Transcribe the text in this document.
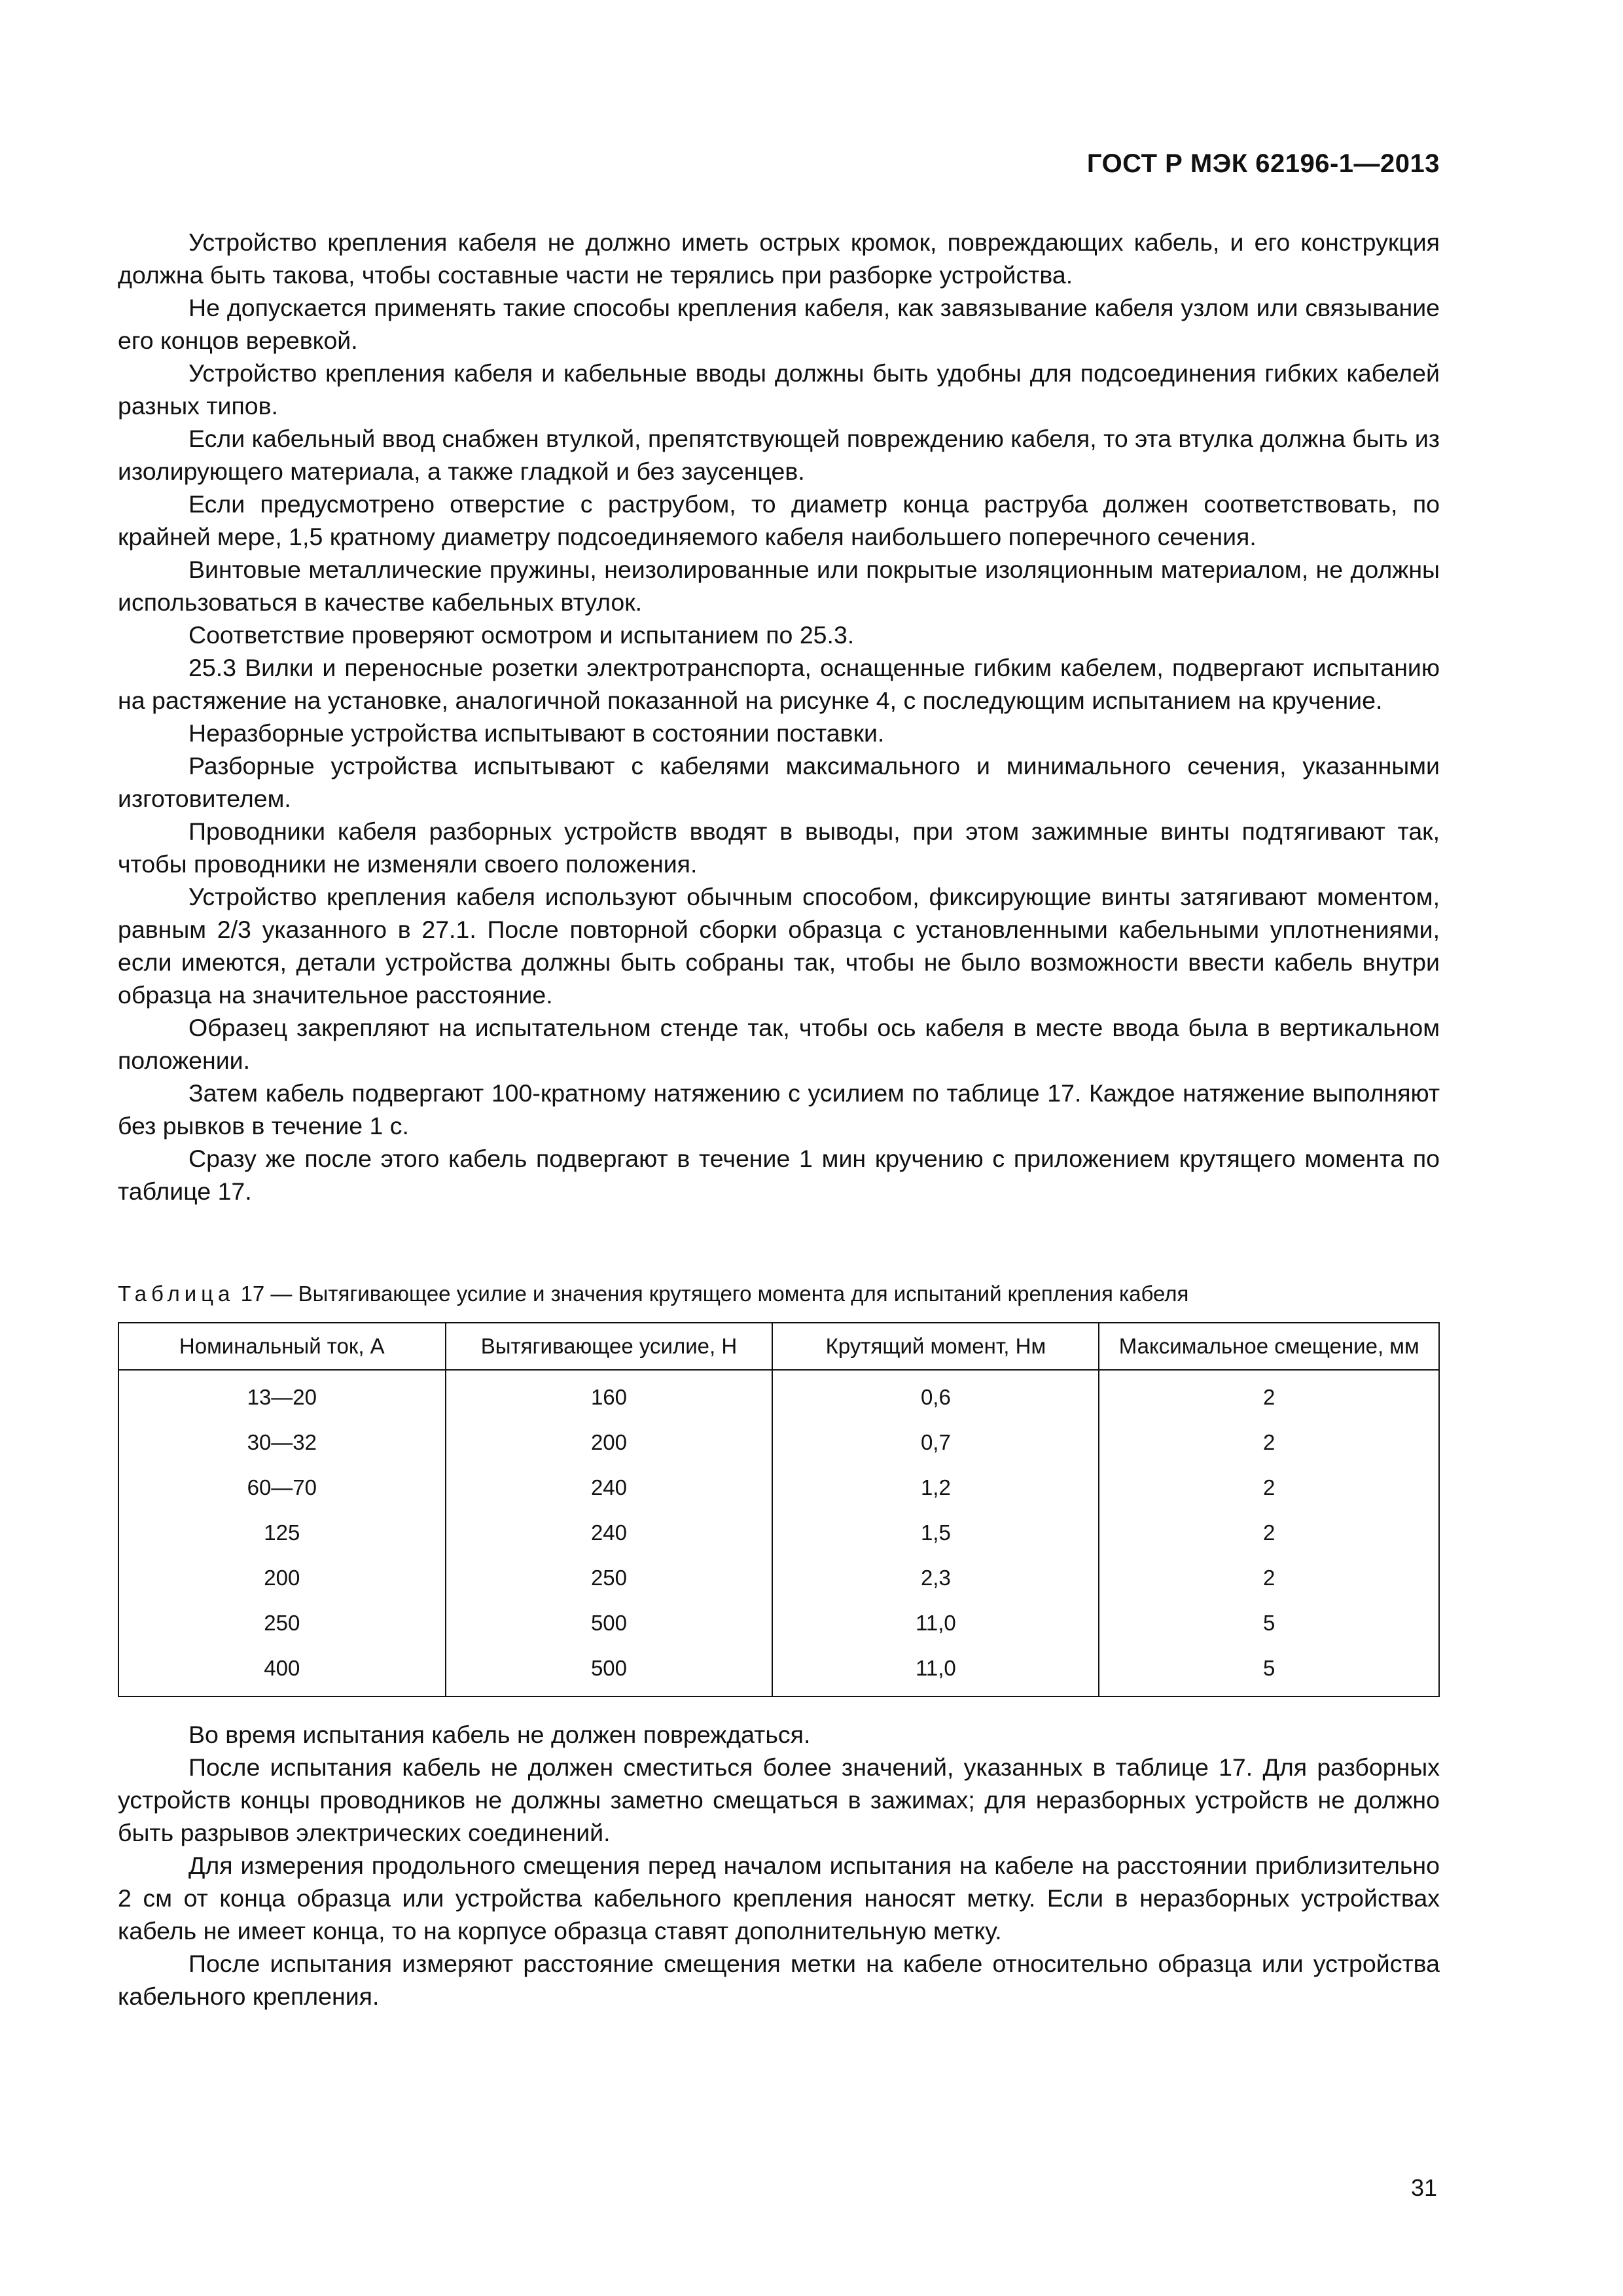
ГОСТ Р МЭК 62196-1—2013

Устройство крепления кабеля не должно иметь острых кромок, повреждающих кабель, и его конструкция должна быть такова, чтобы составные части не терялись при разборке устройства.

Не допускается применять такие способы крепления кабеля, как завязывание кабеля узлом или связывание его концов веревкой.

Устройство крепления кабеля и кабельные вводы должны быть удобны для подсоединения гибких кабелей разных типов.

Если кабельный ввод снабжен втулкой, препятствующей повреждению кабеля, то эта втулка должна быть из изолирующего материала, а также гладкой и без заусенцев.

Если предусмотрено отверстие с раструбом, то диаметр конца раструба должен соответствовать, по крайней мере, 1,5 кратному диаметру подсоединяемого кабеля наибольшего поперечного сечения.

Винтовые металлические пружины, неизолированные или покрытые изоляционным материалом, не должны использоваться в качестве кабельных втулок.

Соответствие проверяют осмотром и испытанием по 25.3.

25.3 Вилки и переносные розетки электротранспорта, оснащенные гибким кабелем, подвергают испытанию на растяжение на установке, аналогичной показанной на рисунке 4, с последующим испытанием на кручение.

Неразборные устройства испытывают в состоянии поставки.

Разборные устройства испытывают с кабелями максимального и минимального сечения, указанными изготовителем.

Проводники кабеля разборных устройств вводят в выводы, при этом зажимные винты подтягивают так, чтобы проводники не изменяли своего положения.

Устройство крепления кабеля используют обычным способом, фиксирующие винты затягивают моментом, равным 2/3 указанного в 27.1. После повторной сборки образца с установленными кабельными уплотнениями, если имеются, детали устройства должны быть собраны так, чтобы не было возможности ввести кабель внутри образца на значительное расстояние.

Образец закрепляют на испытательном стенде так, чтобы ось кабеля в месте ввода была в вертикальном положении.

Затем кабель подвергают 100-кратному натяжению с усилием по таблице 17. Каждое натяжение выполняют без рывков в течение 1 с.

Сразу же после этого кабель подвергают в течение 1 мин кручению с приложением крутящего момента по таблице 17.

Таблица 17 — Вытягивающее усилие и значения крутящего момента для испытаний крепления кабеля
Номинальный ток, А	Вытягивающее усилие, Н	Крутящий момент, Нм	Максимальное смещение, мм
13—20	160	0,6	2
30—32	200	0,7	2
60—70	240	1,2	2
125	240	1,5	2
200	250	2,3	2
250	500	11,0	5
400	500	11,0	5

Во время испытания кабель не должен повреждаться.

После испытания кабель не должен сместиться более значений, указанных в таблице 17. Для разборных устройств концы проводников не должны заметно смещаться в зажимах; для неразборных устройств не должно быть разрывов электрических соединений.

Для измерения продольного смещения перед началом испытания на кабеле на расстоянии приблизительно 2 см от конца образца или устройства кабельного крепления наносят метку. Если в неразборных устройствах кабель не имеет конца, то на корпусе образца ставят дополнительную метку.

После испытания измеряют расстояние смещения метки на кабеле относительно образца или устройства кабельного крепления.

31
